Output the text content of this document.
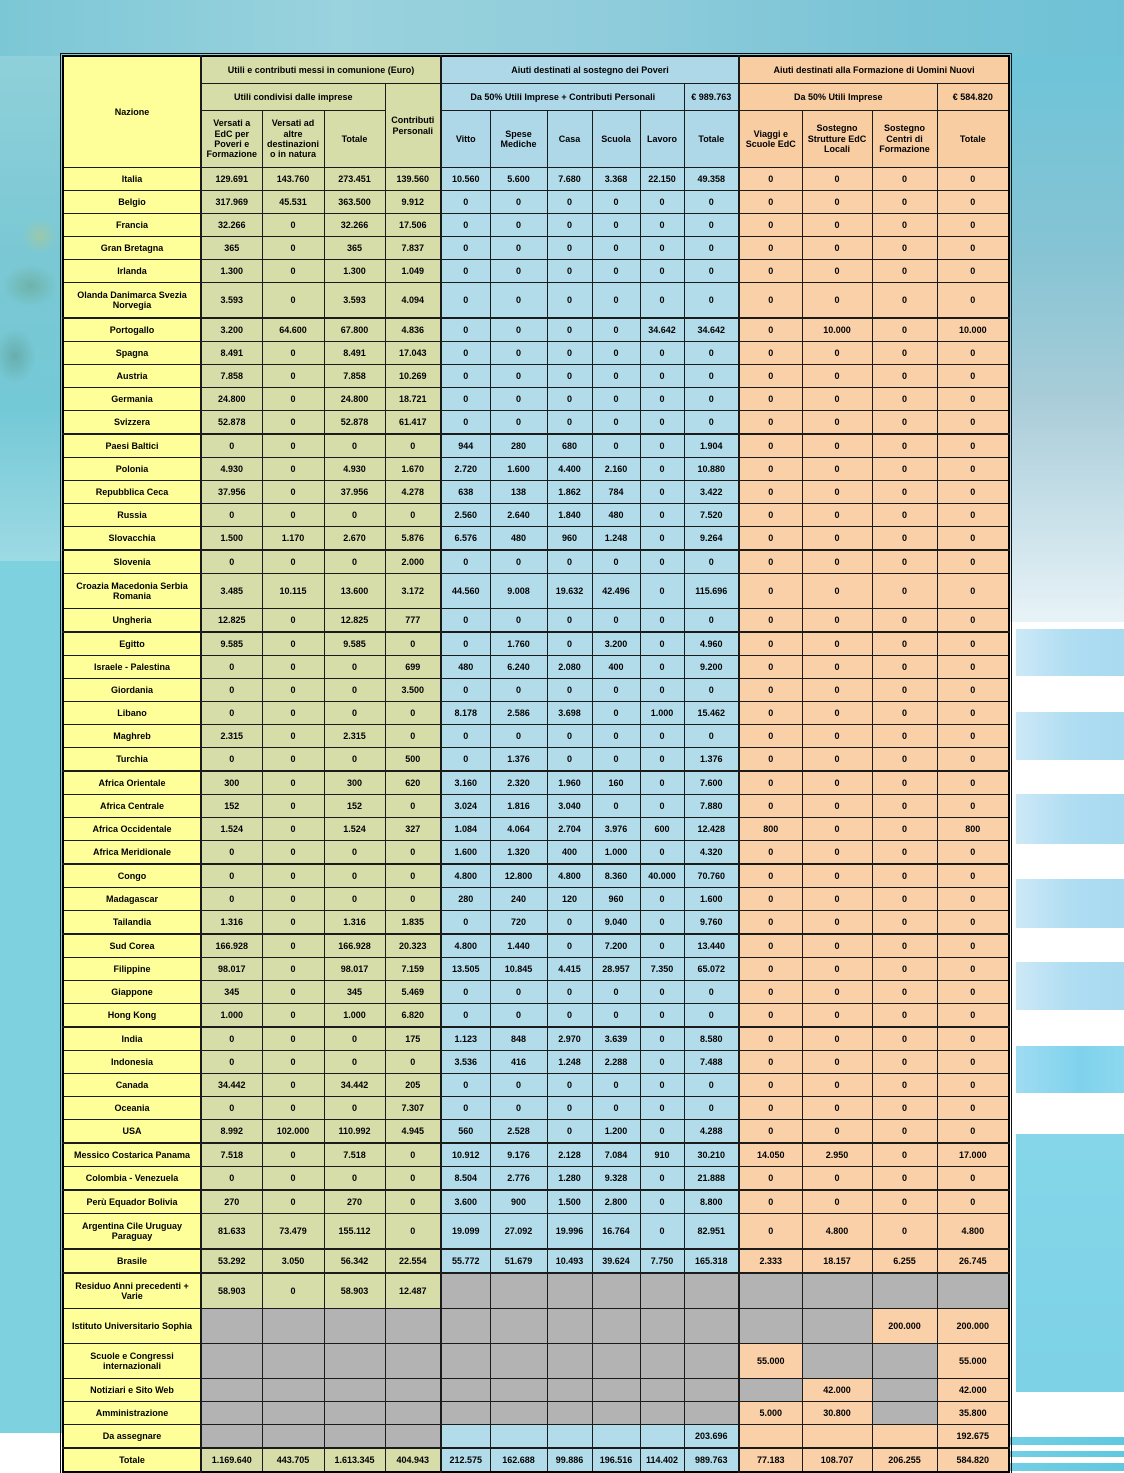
Nazione	Utili e contributi messi in comunione (Euro)				Aiuti destinati al sostegno dei Poveri						Aiuti destinati alla Formazione di Uomini Nuovi			
	Utili condivisi dalle imprese			Contributi Personali	Da 50% Utili Imprese + Contributi Personali					€ 989.763	Da 50% Utili Imprese			€ 584.820
	Versati a EdC per Poveri e Formazione	Versati ad altre destinazioni o in natura	Totale		Vitto	Spese Mediche	Casa	Scuola	Lavoro	Totale	Viaggi e Scuole EdC	Sostegno Strutture EdC Locali	Sostegno Centri di Formazione	Totale
Italia	129.691	143.760	273.451	139.560	10.560	5.600	7.680	3.368	22.150	49.358	0	0	0	0
Belgio	317.969	45.531	363.500	9.912	0	0	0	0	0	0	0	0	0	0
Francia	32.266	0	32.266	17.506	0	0	0	0	0	0	0	0	0	0
Gran Bretagna	365	0	365	7.837	0	0	0	0	0	0	0	0	0	0
Irlanda	1.300	0	1.300	1.049	0	0	0	0	0	0	0	0	0	0
Olanda Danimarca Svezia Norvegia	3.593	0	3.593	4.094	0	0	0	0	0	0	0	0	0	0
Portogallo	3.200	64.600	67.800	4.836	0	0	0	0	34.642	34.642	0	10.000	0	10.000
Spagna	8.491	0	8.491	17.043	0	0	0	0	0	0	0	0	0	0
Austria	7.858	0	7.858	10.269	0	0	0	0	0	0	0	0	0	0
Germania	24.800	0	24.800	18.721	0	0	0	0	0	0	0	0	0	0
Svizzera	52.878	0	52.878	61.417	0	0	0	0	0	0	0	0	0	0
Paesi Baltici	0	0	0	0	944	280	680	0	0	1.904	0	0	0	0
Polonia	4.930	0	4.930	1.670	2.720	1.600	4.400	2.160	0	10.880	0	0	0	0
Repubblica Ceca	37.956	0	37.956	4.278	638	138	1.862	784	0	3.422	0	0	0	0
Russia	0	0	0	0	2.560	2.640	1.840	480	0	7.520	0	0	0	0
Slovacchia	1.500	1.170	2.670	5.876	6.576	480	960	1.248	0	9.264	0	0	0	0
Slovenia	0	0	0	2.000	0	0	0	0	0	0	0	0	0	0
Croazia Macedonia Serbia Romania	3.485	10.115	13.600	3.172	44.560	9.008	19.632	42.496	0	115.696	0	0	0	0
Ungheria	12.825	0	12.825	777	0	0	0	0	0	0	0	0	0	0
Egitto	9.585	0	9.585	0	0	1.760	0	3.200	0	4.960	0	0	0	0
Israele - Palestina	0	0	0	699	480	6.240	2.080	400	0	9.200	0	0	0	0
Giordania	0	0	0	3.500	0	0	0	0	0	0	0	0	0	0
Libano	0	0	0	0	8.178	2.586	3.698	0	1.000	15.462	0	0	0	0
Maghreb	2.315	0	2.315	0	0	0	0	0	0	0	0	0	0	0
Turchia	0	0	0	500	0	1.376	0	0	0	1.376	0	0	0	0
Africa Orientale	300	0	300	620	3.160	2.320	1.960	160	0	7.600	0	0	0	0
Africa Centrale	152	0	152	0	3.024	1.816	3.040	0	0	7.880	0	0	0	0
Africa Occidentale	1.524	0	1.524	327	1.084	4.064	2.704	3.976	600	12.428	800	0	0	800
Africa Meridionale	0	0	0	0	1.600	1.320	400	1.000	0	4.320	0	0	0	0
Congo	0	0	0	0	4.800	12.800	4.800	8.360	40.000	70.760	0	0	0	0
Madagascar	0	0	0	0	280	240	120	960	0	1.600	0	0	0	0
Tailandia	1.316	0	1.316	1.835	0	720	0	9.040	0	9.760	0	0	0	0
Sud Corea	166.928	0	166.928	20.323	4.800	1.440	0	7.200	0	13.440	0	0	0	0
Filippine	98.017	0	98.017	7.159	13.505	10.845	4.415	28.957	7.350	65.072	0	0	0	0
Giappone	345	0	345	5.469	0	0	0	0	0	0	0	0	0	0
Hong Kong	1.000	0	1.000	6.820	0	0	0	0	0	0	0	0	0	0
India	0	0	0	175	1.123	848	2.970	3.639	0	8.580	0	0	0	0
Indonesia	0	0	0	0	3.536	416	1.248	2.288	0	7.488	0	0	0	0
Canada	34.442	0	34.442	205	0	0	0	0	0	0	0	0	0	0
Oceania	0	0	0	7.307	0	0	0	0	0	0	0	0	0	0
USA	8.992	102.000	110.992	4.945	560	2.528	0	1.200	0	4.288	0	0	0	0
Messico Costarica Panama	7.518	0	7.518	0	10.912	9.176	2.128	7.084	910	30.210	14.050	2.950	0	17.000
Colombia - Venezuela	0	0	0	0	8.504	2.776	1.280	9.328	0	21.888	0	0	0	0
Perù Equador Bolivia	270	0	270	0	3.600	900	1.500	2.800	0	8.800	0	0	0	0
Argentina Cile Uruguay Paraguay	81.633	73.479	155.112	0	19.099	27.092	19.996	16.764	0	82.951	0	4.800	0	4.800
Brasile	53.292	3.050	56.342	22.554	55.772	51.679	10.493	39.624	7.750	165.318	2.333	18.157	6.255	26.745
Residuo Anni precedenti + Varie	58.903	0	58.903	12.487										
Istituto Universitario Sophia													200.000	200.000
Scuole e Congressi internazionali											55.000			55.000
Notiziari e Sito Web												42.000		42.000
Amministrazione											5.000	30.800		35.800
Da assegnare										203.696				192.675
Totale	1.169.640	443.705	1.613.345	404.943	212.575	162.688	99.886	196.516	114.402	989.763	77.183	108.707	206.255	584.820
